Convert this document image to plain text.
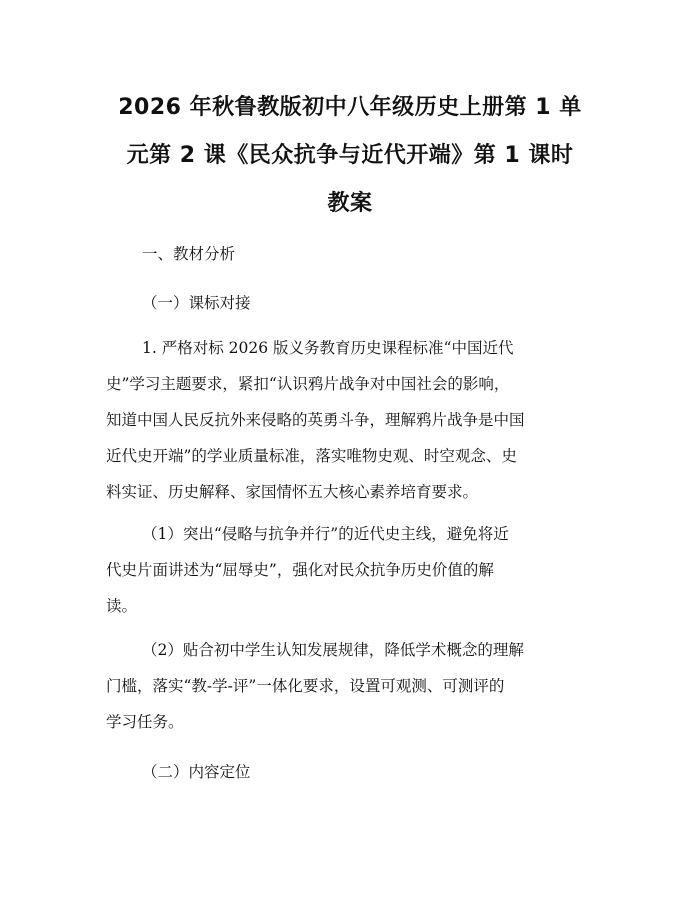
2026 年秋鲁教版初中八年级历史上册第 1 单
元第 2 课《民众抗争与近代开端》第 1 课时
教案

一、教材分析

（一）课标对接

1. 严格对标 2026 版义务教育历史课程标准“中国近代
史”学习主题要求，紧扣“认识鸦片战争对中国社会的影响，
知道中国人民反抗外来侵略的英勇斗争，理解鸦片战争是中国
近代史开端”的学业质量标准，落实唯物史观、时空观念、史
料实证、历史解释、家国情怀五大核心素养培育要求。
（1）突出“侵略与抗争并行”的近代史主线，避免将近
代史片面讲述为“屈辱史”，强化对民众抗争历史价值的解
读。
（2）贴合初中学生认知发展规律，降低学术概念的理解
门槛，落实“教-学-评”一体化要求，设置可观测、可测评的
学习任务。

（二）内容定位
